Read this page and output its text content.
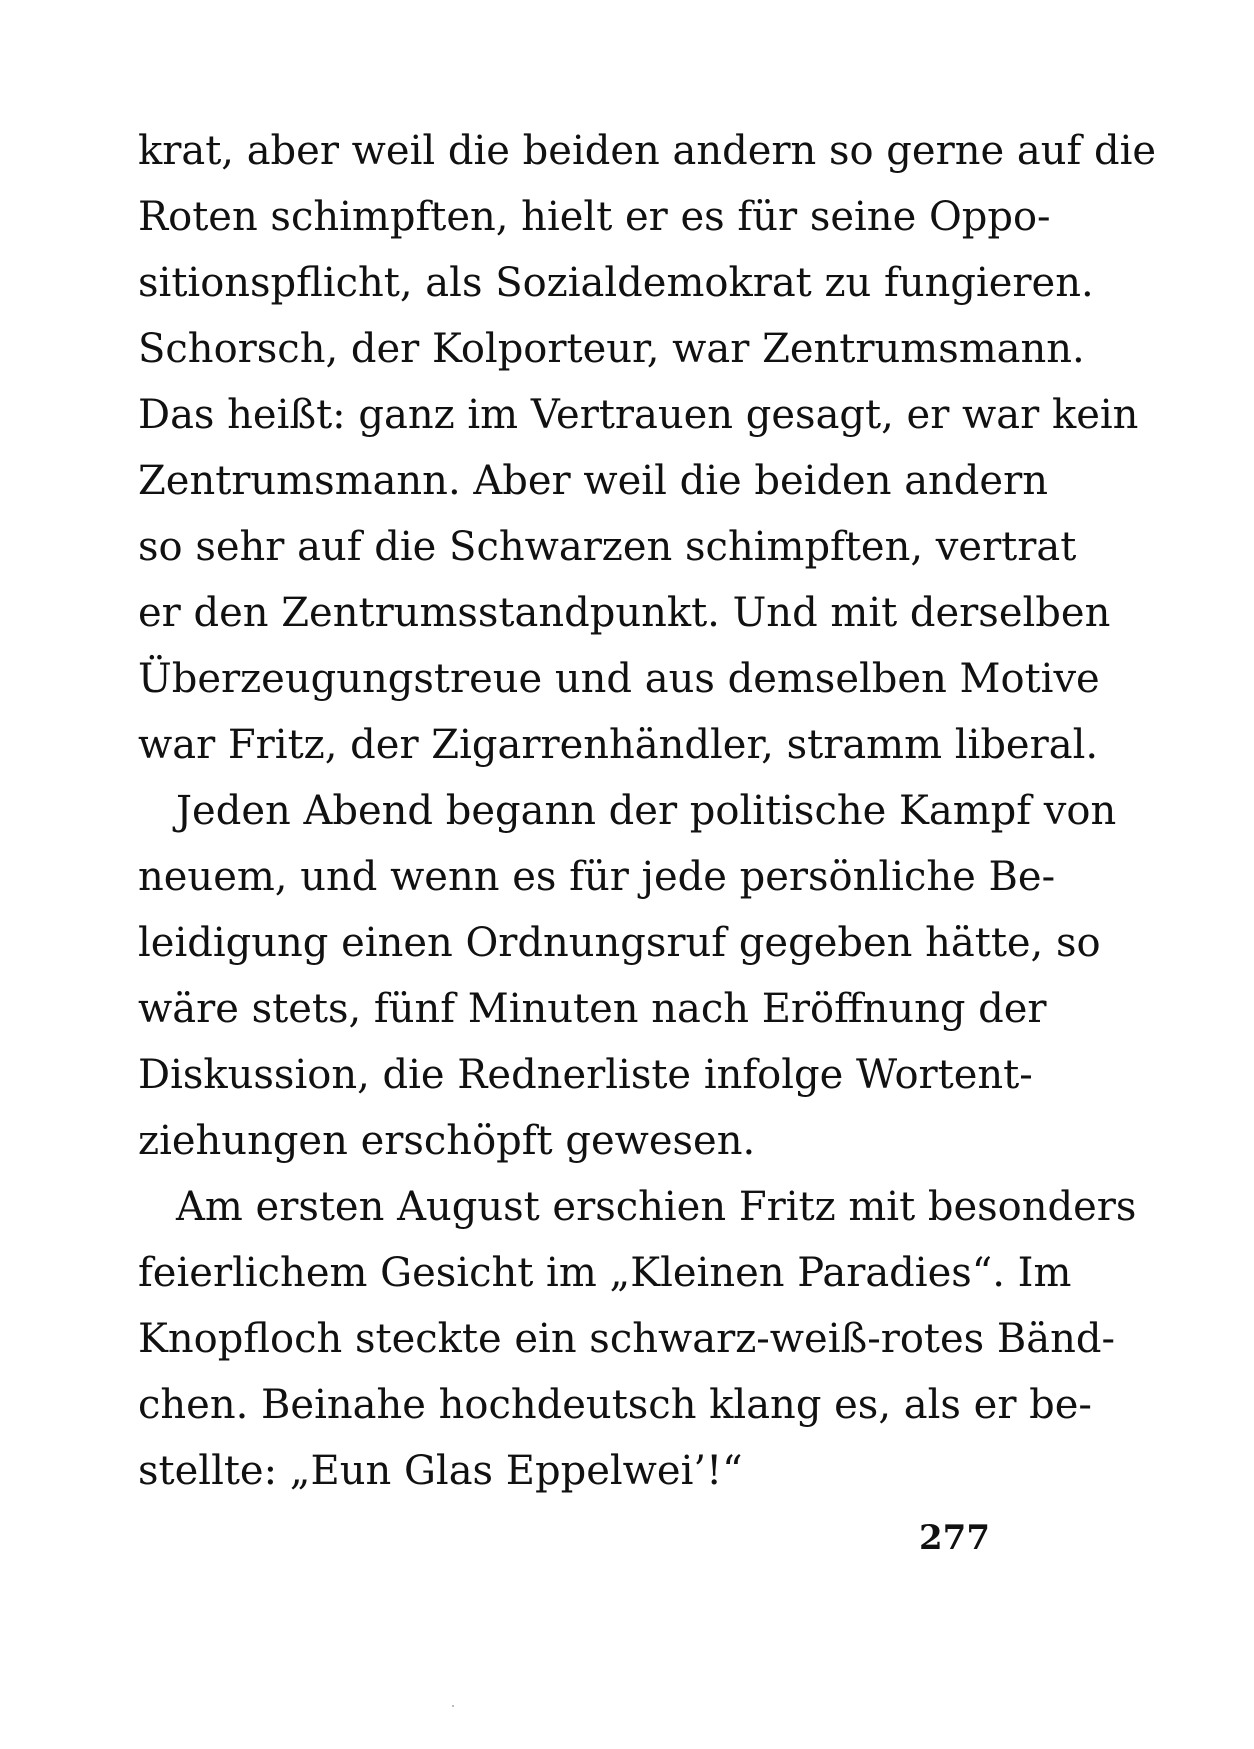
krat, aber weil die beiden andern so gerne auf die
Roten schimpften, hielt er es für seine Oppo-
sitionspflicht, als Sozialdemokrat zu fungieren.
Schorsch, der Kolporteur, war Zentrumsmann.
Das heißt: ganz im Vertrauen gesagt, er war kein
Zentrumsmann. Aber weil die beiden andern
so sehr auf die Schwarzen schimpften, vertrat
er den Zentrumsstandpunkt. Und mit derselben
Überzeugungstreue und aus demselben Motive
war Fritz, der Zigarrenhändler, stramm liberal.
Jeden Abend begann der politische Kampf von
neuem, und wenn es für jede persönliche Be-
leidigung einen Ordnungsruf gegeben hätte, so
wäre stets, fünf Minuten nach Eröffnung der
Diskussion, die Rednerliste infolge Wortent-
ziehungen erschöpft gewesen.
Am ersten August erschien Fritz mit besonders
feierlichem Gesicht im „Kleinen Paradies“. Im
Knopfloch steckte ein schwarz-weiß-rotes Bänd-
chen. Beinahe hochdeutsch klang es, als er be-
stellte: „Eun Glas Eppelwei’!“
277
